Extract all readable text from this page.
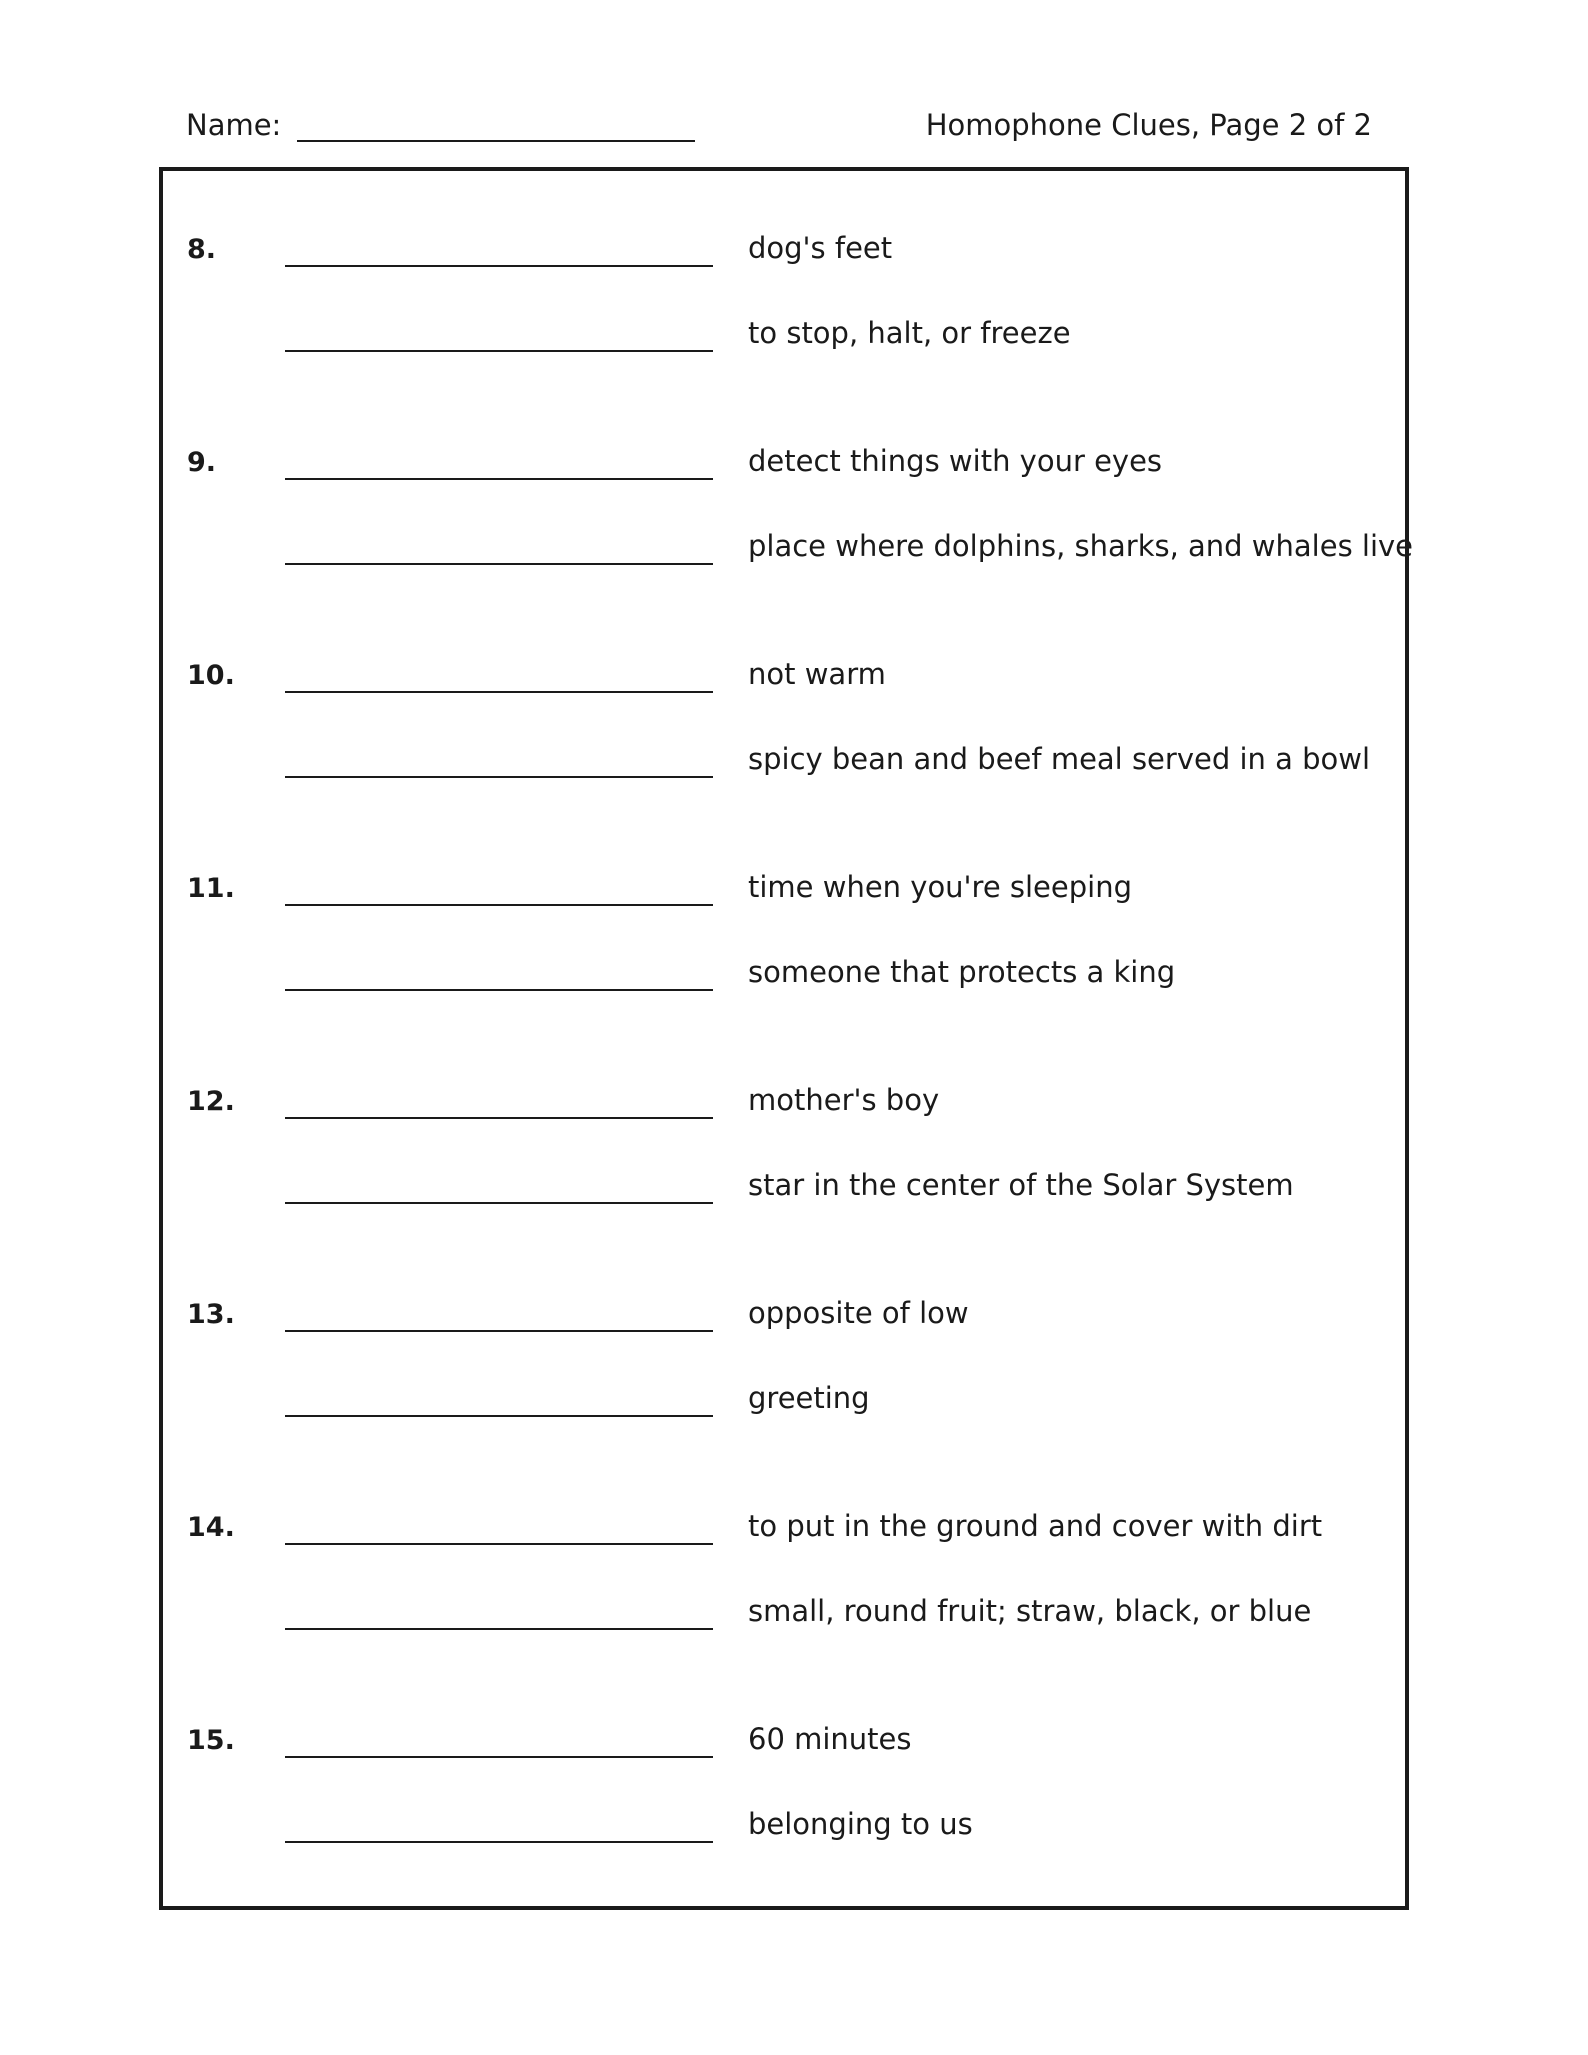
Name:	Homophone Clues, Page 2 of 2
8.	dog's feet
to stop, halt, or freeze
9.	detect things with your eyes
place where dolphins, sharks, and whales live
10.	not warm
spicy bean and beef meal served in a bowl
11.	time when you're sleeping
someone that protects a king
12.	mother's boy
star in the center of the Solar System
13.	opposite of low
greeting
14.	to put in the ground and cover with dirt
small, round fruit; straw, black, or blue
15.	60 minutes
belonging to us
